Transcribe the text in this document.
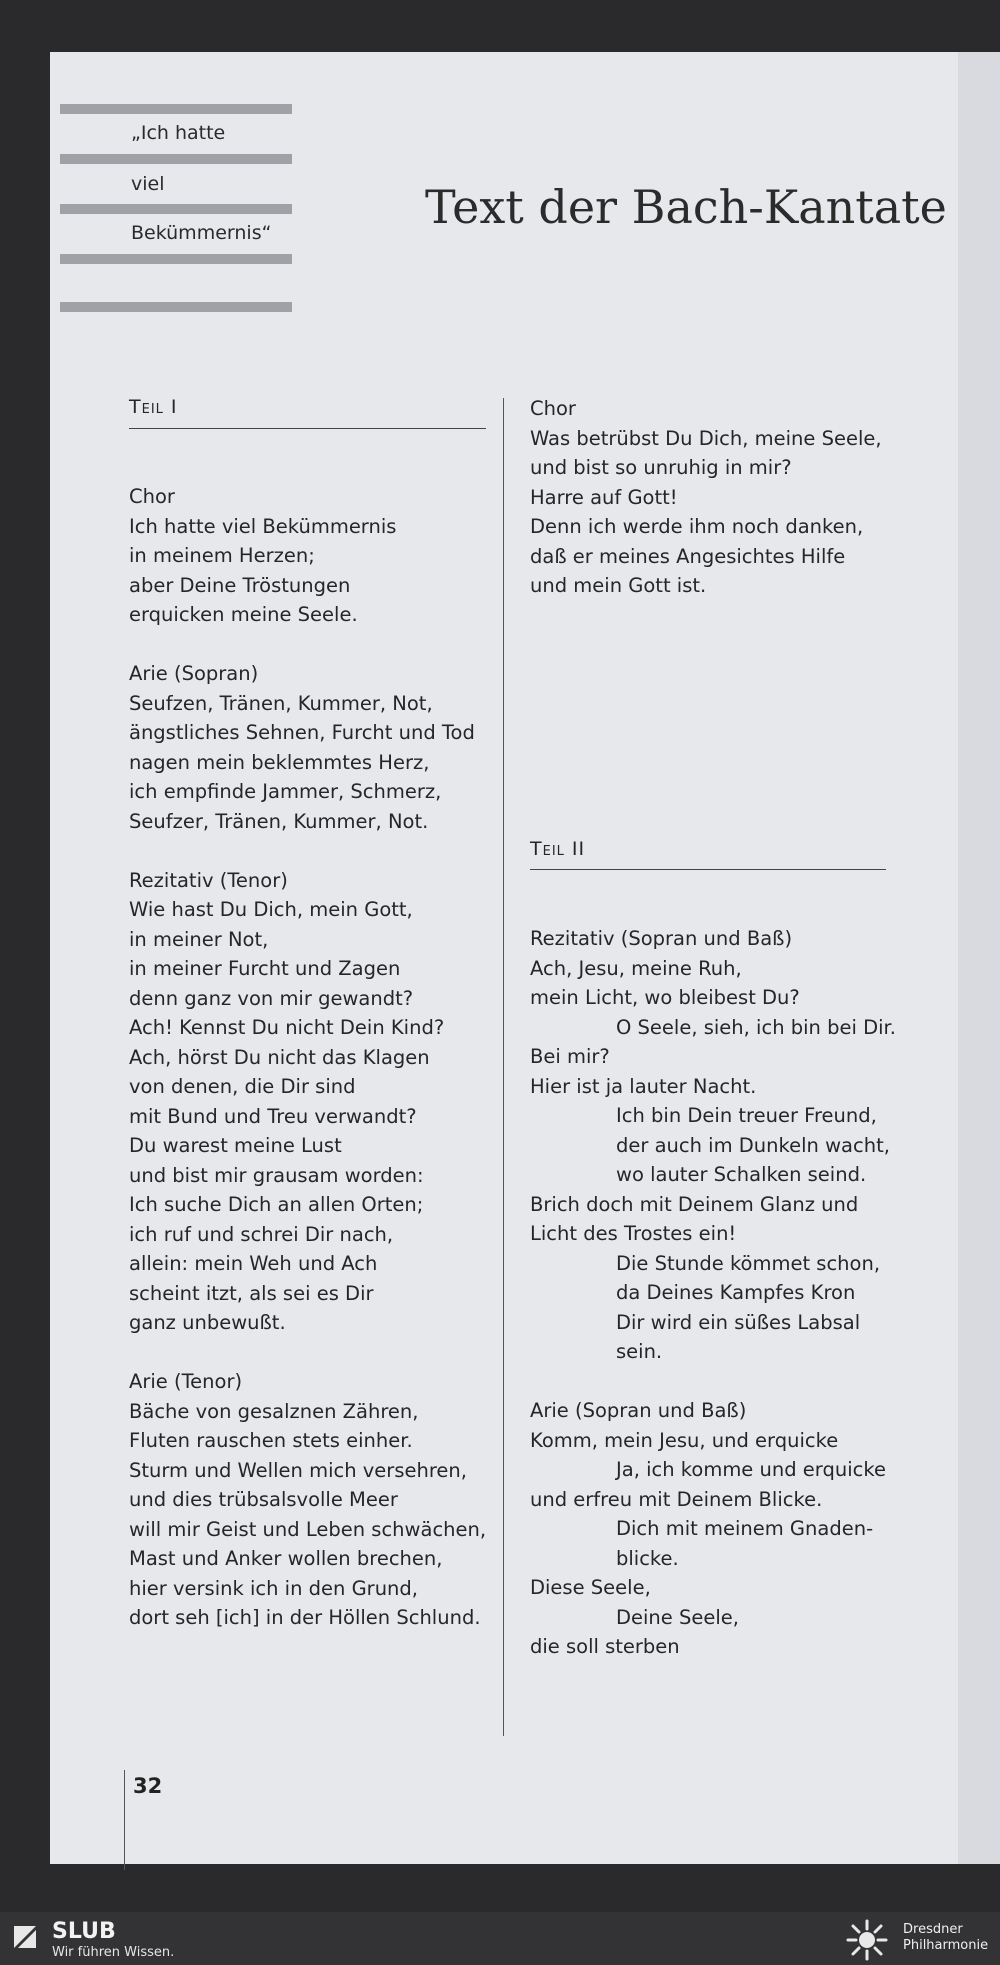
„Ich hatte
viel
Bekümmernis“	Text der Bach-Kantate
Teil I
Chor
Ich hatte viel Bekümmernis
in meinem Herzen;
aber Deine Tröstungen
erquicken meine Seele.
Arie (Sopran)
Seufzen, Tränen, Kummer, Not,
ängstliches Sehnen, Furcht und Tod
nagen mein beklemmtes Herz,
ich empfinde Jammer, Schmerz,
Seufzer, Tränen, Kummer, Not.
Rezitativ (Tenor)
Wie hast Du Dich, mein Gott,
in meiner Not,
in meiner Furcht und Zagen
denn ganz von mir gewandt?
Ach! Kennst Du nicht Dein Kind?
Ach, hörst Du nicht das Klagen
von denen, die Dir sind
mit Bund und Treu verwandt?
Du warest meine Lust
und bist mir grausam worden:
Ich suche Dich an allen Orten;
ich ruf und schrei Dir nach,
allein: mein Weh und Ach
scheint itzt, als sei es Dir
ganz unbewußt.
Arie (Tenor)
Bäche von gesalznen Zähren,
Fluten rauschen stets einher.
Sturm und Wellen mich versehren,
und dies trübsalsvolle Meer
will mir Geist und Leben schwächen,
Mast und Anker wollen brechen,
hier versink ich in den Grund,
dort seh [ich] in der Höllen Schlund.
Chor
Was betrübst Du Dich, meine Seele,
und bist so unruhig in mir?
Harre auf Gott!
Denn ich werde ihm noch danken,
daß er meines Angesichtes Hilfe
und mein Gott ist.
Teil II
Rezitativ (Sopran und Baß)
Ach, Jesu, meine Ruh,
mein Licht, wo bleibest Du?
O Seele, sieh, ich bin bei Dir.
Bei mir?
Hier ist ja lauter Nacht.
Ich bin Dein treuer Freund,
der auch im Dunkeln wacht,
wo lauter Schalken seind.
Brich doch mit Deinem Glanz und
Licht des Trostes ein!
Die Stunde kömmet schon,
da Deines Kampfes Kron
Dir wird ein süßes Labsal
sein.
Arie (Sopran und Baß)
Komm, mein Jesu, und erquicke
Ja, ich komme und erquicke
und erfreu mit Deinem Blicke.
Dich mit meinem Gnaden-
blicke.
Diese Seele,
Deine Seele,
die soll sterben
32
SLUB
Wir führen Wissen.
Dresdner
Philharmonie
